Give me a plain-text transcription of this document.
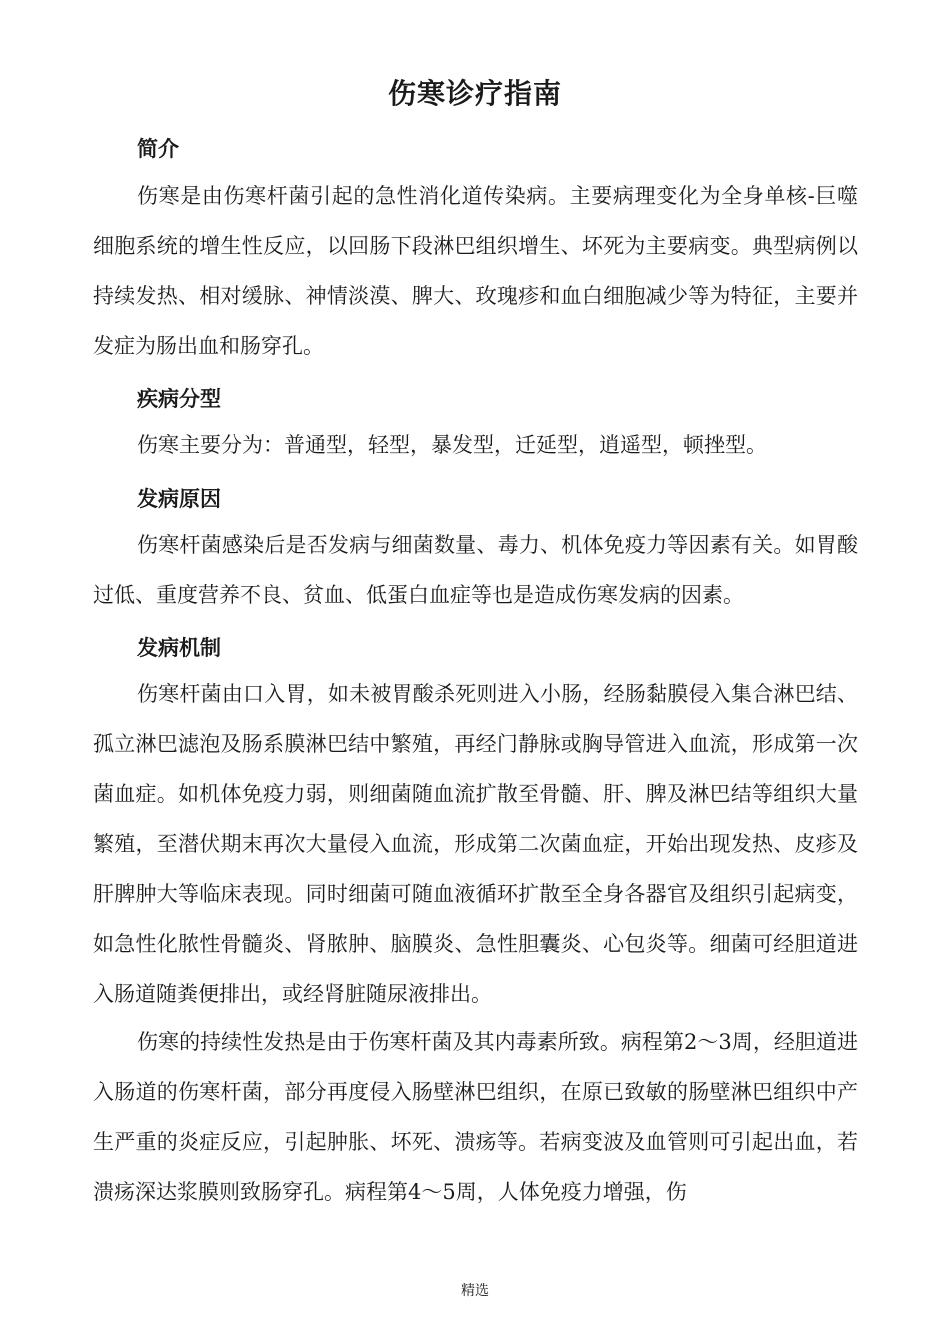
伤寒诊疗指南
简介
伤寒是由伤寒杆菌引起的急性消化道传染病。主要病理变化为全身单核-巨噬细胞系统的增生性反应，以回肠下段淋巴组织增生、坏死为主要病变。典型病例以持续发热、相对缓脉、神情淡漠、脾大、玫瑰疹和血白细胞减少等为特征，主要并发症为肠出血和肠穿孔。
疾病分型
伤寒主要分为：普通型，轻型，暴发型，迁延型，逍遥型，顿挫型。
发病原因
伤寒杆菌感染后是否发病与细菌数量、毒力、机体免疫力等因素有关。如胃酸过低、重度营养不良、贫血、低蛋白血症等也是造成伤寒发病的因素。
发病机制
伤寒杆菌由口入胃，如未被胃酸杀死则进入小肠，经肠黏膜侵入集合淋巴结、孤立淋巴滤泡及肠系膜淋巴结中繁殖，再经门静脉或胸导管进入血流，形成第一次菌血症。如机体免疫力弱，则细菌随血流扩散至骨髓、肝、脾及淋巴结等组织大量繁殖，至潜伏期末再次大量侵入血流，形成第二次菌血症，开始出现发热、皮疹及肝脾肿大等临床表现。同时细菌可随血液循环扩散至全身各器官及组织引起病变，如急性化脓性骨髓炎、肾脓肿、脑膜炎、急性胆囊炎、心包炎等。细菌可经胆道进入肠道随粪便排出，或经肾脏随尿液排出。
伤寒的持续性发热是由于伤寒杆菌及其内毒素所致。病程第2～3周，经胆道进入肠道的伤寒杆菌，部分再度侵入肠壁淋巴组织，在原已致敏的肠壁淋巴组织中产生严重的炎症反应，引起肿胀、坏死、溃疡等。若病变波及血管则可引起出血，若溃疡深达浆膜则致肠穿孔。病程第4～5周，人体免疫力增强，伤
精选
